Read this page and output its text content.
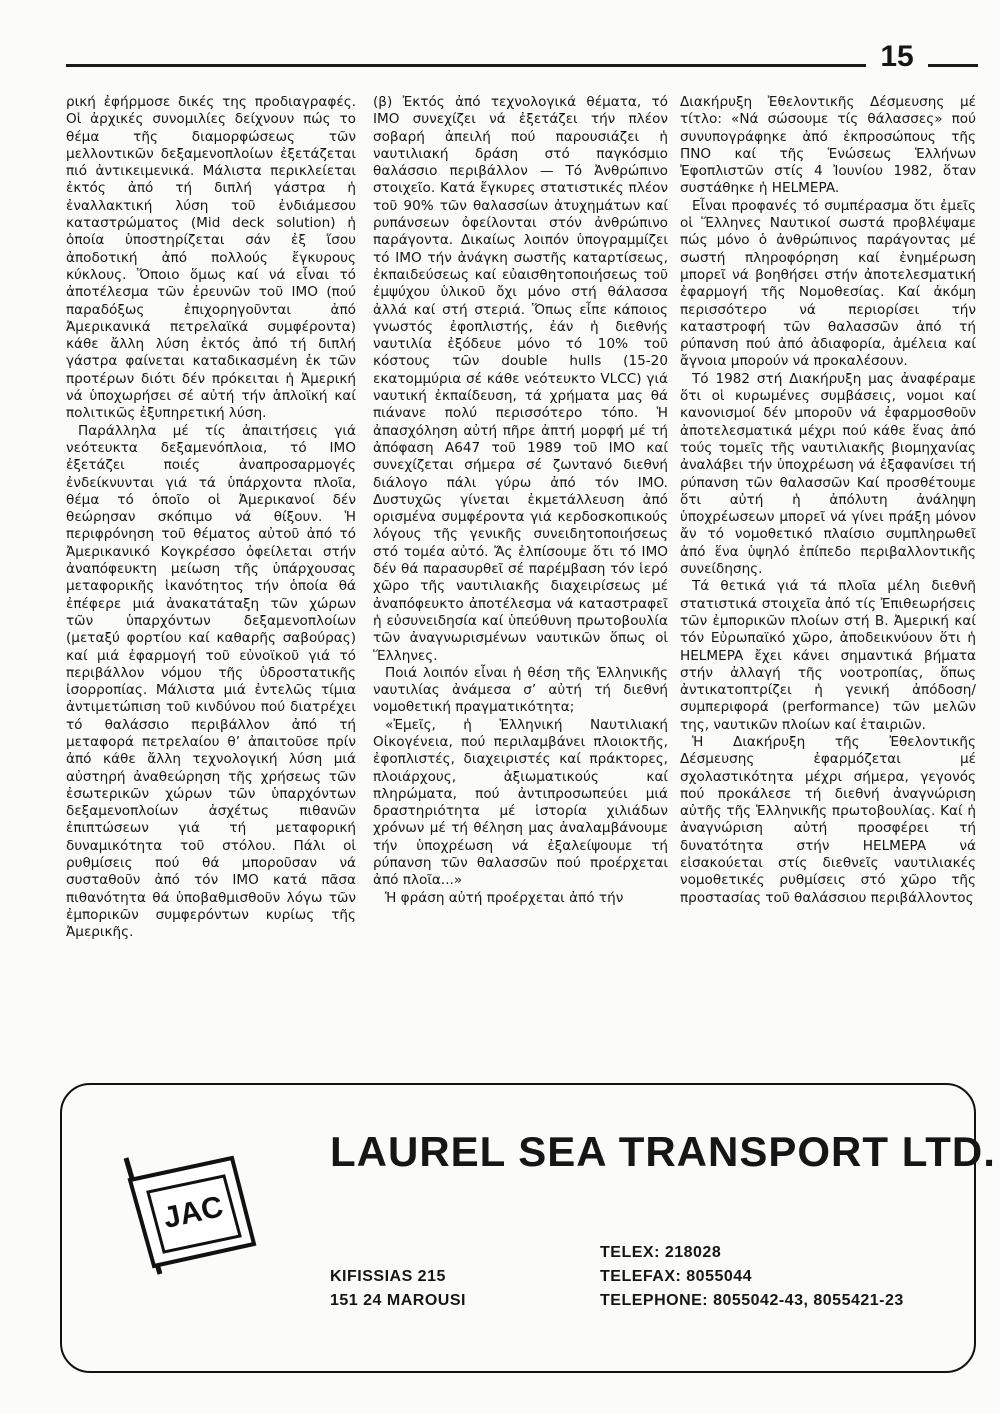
15

ρική ἐφήρμοσε δικές της προδιαγραφές. Οἱ ἀρχικές συνομιλίες δείχνουν πώς το θέμα τῆς διαμορφώσεως τῶν μελλοντικῶν δεξαμενοπλοίων ἐξετάζεται πιό ἀντικειμενικά. Μάλιστα περικλείεται ἐκτός ἀπό τή διπλή γάστρα ἡ ἐναλλακτική λύση τοῦ ἐνδιάμεσου καταστρώματος (Mid deck solution) ἡ ὁποία ὑποστηρίζεται σάν ἐξ ἴσου ἀποδοτική ἀπό πολλούς ἔγκυρους κύκλους. Ὅποιο ὅμως καί νά εἶναι τό ἀποτέλεσμα τῶν ἐρευνῶν τοῦ IMO (πού παραδόξως ἐπιχορηγοῦνται ἀπό Ἀμερικανικά πετρελαϊκά συμφέροντα) κάθε ἄλλη λύση ἐκτός ἀπό τή διπλή γάστρα φαίνεται καταδικασμένη ἐκ τῶν προτέρων διότι δέν πρόκειται ἡ Ἀμερική νά ὑποχωρήσει σέ αὐτή τήν ἁπλοϊκή καί πολιτικῶς ἐξυπηρετική λύση.

Παράλληλα μέ τίς ἀπαιτήσεις γιά νεότευκτα δεξαμενόπλοια, τό IMO ἐξετάζει ποιές ἀναπροσαρμογές ἐνδείκνυνται γιά τά ὑπάρχοντα πλοῖα, θέμα τό ὁποῖο οἱ Ἀμερικανοί δέν θεώρησαν σκόπιμο νά θίξουν. Ἡ περιφρόνηση τοῦ θέματος αὐτοῦ ἀπό τό Ἀμερικανικό Κογκρέσσο ὀφείλεται στήν ἀναπόφευκτη μείωση τῆς ὑπάρχουσας μεταφορικῆς ἱκανότητος τήν ὁποία θά ἐπέφερε μιά ἀνακατάταξη τῶν χώρων τῶν ὑπαρχόντων δεξαμενοπλοίων (μεταξύ φορτίου καί καθαρῆς σαβούρας) καί μιά ἐφαρμογή τοῦ εὐνοϊκοῦ γιά τό περιβάλλον νόμου τῆς ὑδροστατικῆς ἰσορροπίας. Μάλιστα μιά ἐντελῶς τίμια ἀντιμετώπιση τοῦ κινδύνου πού διατρέχει τό θαλάσσιο περιβάλλον ἀπό τή μεταφορά πετρελαίου θ’ ἀπαιτοῦσε πρίν ἀπό κάθε ἄλλη τεχνολογική λύση μιά αὐστηρή ἀναθεώρηση τῆς χρήσεως τῶν ἐσωτερικῶν χώρων τῶν ὑπαρχόντων δεξαμενοπλοίων ἀσχέτως πιθανῶν ἐπιπτώσεων γιά τή μεταφορική δυναμικότητα τοῦ στόλου. Πάλι οἱ ρυθμίσεις πού θά μποροῦσαν νά συσταθοῦν ἀπό τόν IMO κατά πᾶσα πιθανότητα θά ὑποβαθμισθοῦν λόγω τῶν ἐμπορικῶν συμφερόντων κυρίως τῆς Ἀμερικῆς.

(β) Ἐκτός ἀπό τεχνολογικά θέματα, τό IMO συνεχίζει νά ἐξετάζει τήν πλέον σοβαρή ἀπειλή πού παρουσιάζει ἡ ναυτιλιακή δράση στό παγκόσμιο θαλάσσιο περιβάλλον — Τό Ἀνθρώπινο στοιχεῖο. Κατά ἔγκυρες στατιστικές πλέον τοῦ 90% τῶν θαλασσίων ἀτυχημάτων καί ρυπάνσεων ὀφείλονται στόν ἀνθρώπινο παράγοντα. Δικαίως λοιπόν ὑπογραμμίζει τό IMO τήν ἀνάγκη σωστῆς καταρτίσεως, ἐκπαιδεύσεως καί εὐαισθητοποιήσεως τοῦ ἐμψύχου ὑλικοῦ ὄχι μόνο στή θάλασσα ἀλλά καί στή στεριά. Ὅπως εἶπε κάποιος γνωστός ἐφοπλιστής, ἐάν ἡ διεθνής ναυτιλία ἐξόδευε μόνο τό 10% τοῦ κόστους τῶν double hulls (15-20 εκατομμύρια σέ κάθε νεότευκτο VLCC) γιά ναυτική ἐκπαίδευση, τά χρήματα μας θά πιάνανε πολύ περισσότερο τόπο. Ἡ ἀπασχόληση αὐτή πῆρε ἀπτή μορφή μέ τή ἀπόφαση A647 τοῦ 1989 τοῦ IMO καί συνεχίζεται σήμερα σέ ζωντανό διεθνή διάλογο πάλι γύρω ἀπό τόν IMO. Δυστυχῶς γίνεται ἐκμετάλλευση ἀπό ορισμένα συμφέροντα γιά κερδοσκοπικούς λόγους τῆς γενικῆς συνειδητοποιήσεως στό τομέα αὐτό. Ἄς ἐλπίσουμε ὅτι τό IMO δέν θά παρασυρθεῖ σέ παρέμβαση τόν ἱερό χῶρο τῆς ναυτιλιακῆς διαχειρίσεως μέ ἀναπόφευκτο ἀποτέλεσμα νά καταστραφεῖ ἡ εὐσυνειδησία καί ὑπεύθυνη πρωτοβουλία τῶν ἀναγνωρισμένων ναυτικῶν ὅπως οἱ Ἕλληνες.

Ποιά λοιπόν εἶναι ἡ θέση τῆς Ἑλληνικῆς ναυτιλίας ἀνάμεσα σ’ αὐτή τή διεθνή νομοθετική πραγματικότητα;

«Ἐμεῖς, ἡ Ἑλληνική Ναυτιλιακή Οἰκογένεια, πού περιλαμβάνει πλοιοκτῆς, ἐφοπλιστές, διαχειριστές καί πράκτορες, πλοιάρχους, ἀξιωματικούς καί πληρώματα, πού ἀντιπροσωπεύει μιά δραστηριότητα μέ ἱστορία χιλιάδων χρόνων μέ τή θέληση μας ἀναλαμβάνουμε τήν ὑποχρέωση νά ἐξαλείψουμε τή ρύπανση τῶν θαλασσῶν πού προέρχεται ἀπό πλοῖα...»

Ἡ φράση αὐτή προέρχεται ἀπό τήν

Διακήρυξη Ἐθελοντικῆς Δέσμευσης μέ τίτλο: «Νά σώσουμε τίς θάλασσες» πού συνυπογράφηκε ἀπό ἐκπροσώπους τῆς ΠΝΟ καί τῆς Ἑνώσεως Ἑλλήνων Ἐφοπλιστῶν στίς 4 Ἰουνίου 1982, ὅταν συστάθηκε ἡ HELMEPA.

Εἶναι προφανές τό συμπέρασμα ὅτι ἐμεῖς οἱ Ἕλληνες Ναυτικοί σωστά προβλέψαμε πώς μόνο ὁ ἀνθρώπινος παράγοντας μέ σωστή πληροφόρηση καί ἐνημέρωση μπορεῖ νά βοηθήσει στήν ἀποτελεσματική ἐφαρμογή τῆς Νομοθεσίας. Καί ἀκόμη περισσότερο νά περιορίσει τήν καταστροφή τῶν θαλασσῶν ἀπό τή ρύπανση πού ἀπό ἀδιαφορία, ἀμέλεια καί ἄγνοια μπορούν νά προκαλέσουν.

Τό 1982 στή Διακήρυξη μας ἀναφέραμε ὅτι οἱ κυρωμένες συμβάσεις, νομοι καί κανονισμοί δέν μποροῦν νά ἐφαρμοσθοῦν ἀποτελεσματικά μέχρι πού κάθε ἕνας ἀπό τούς τομεῖς τῆς ναυτιλιακῆς βιομηχανίας ἀναλάβει τήν ὑποχρέωση νά ἐξαφανίσει τή ρύπανση τῶν θαλασσῶν Καί προσθέτουμε ὅτι αὐτή ἡ ἀπόλυτη ἀνάληψη ὑποχρέωσεων μπορεῖ νά γίνει πράξη μόνον ἄν τό νομοθετικό πλαίσιο συμπληρωθεῖ ἀπό ἕνα ὑψηλό ἐπίπεδο περιβαλλοντικῆς συνείδησης.

Τά θετικά γιά τά πλοῖα μέλη διεθνῆ στατιστικά στοιχεῖα ἀπό τίς Ἐπιθεωρήσεις τῶν ἐμπορικῶν πλοίων στή Β. Ἀμερική καί τόν Εὐρωπαϊκό χῶρο, ἀποδεικνύουν ὅτι ἡ HELMEPA ἔχει κάνει σημαντικά βήματα στήν ἀλλαγή τῆς νοοτροπίας, ὅπως ἀντικατοπτρίζει ἡ γενική ἀπόδοση/ συμπεριφορά (performance) τῶν μελῶν της, ναυτικῶν πλοίων καί ἑταιριῶν.

Ἡ Διακήρυξη τῆς Ἐθελοντικῆς Δέσμευσης ἐφαρμόζεται μέ σχολαστικότητα μέχρι σήμερα, γεγονός πού προκάλεσε τή διεθνή ἀναγνώριση αὐτῆς τῆς Ἑλληνικῆς πρωτοβουλίας. Καί ἡ ἀναγνώριση αὐτή προσφέρει τή δυνατότητα στήν HELMEPA νά εἰσακούεται στίς διεθνεῖς ναυτιλιακές νομοθετικές ρυθμίσεις στό χῶρο τῆς προστασίας τοῦ θαλάσσιου περιβάλλοντος

LAUREL SEA TRANSPORT LTD.
JAC
TELEX: 218028
KIFISSIAS 215	TELEFAX: 8055044
151 24 MAROUSI	TELEPHONE: 8055042-43, 8055421-23
